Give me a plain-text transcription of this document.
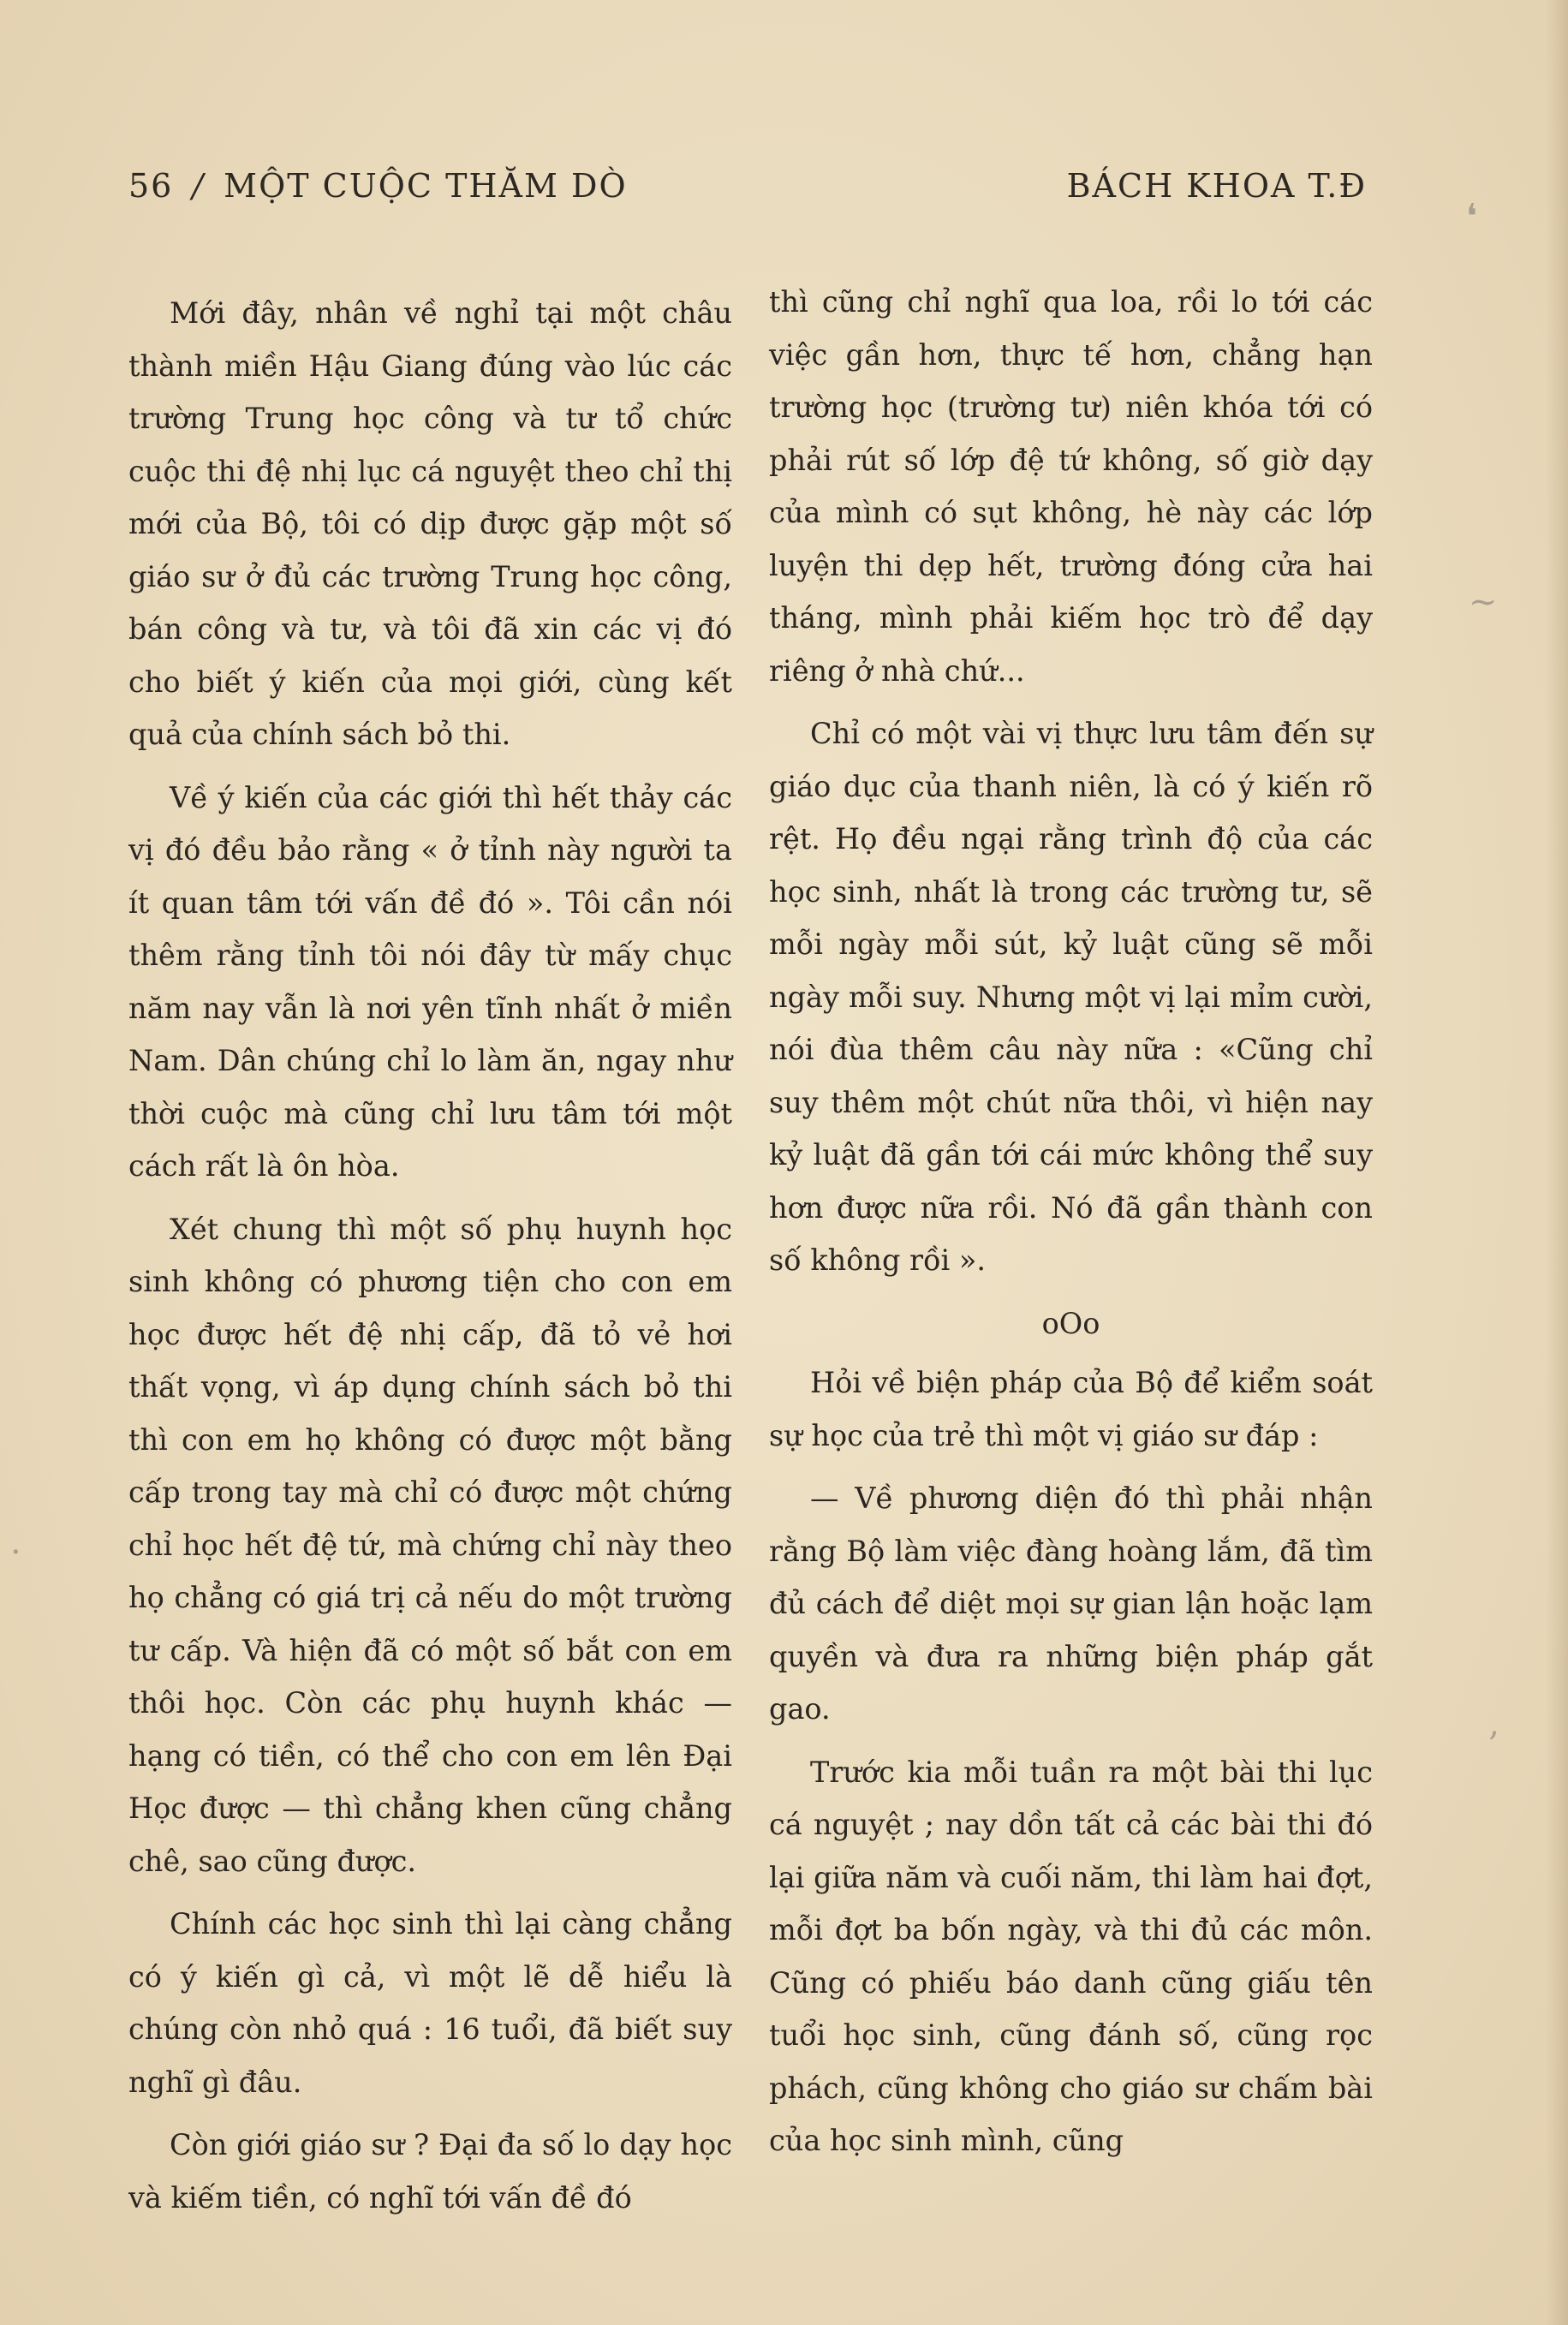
56 / MỘT CUỘC THĂM DÒ	BÁCH KHOA T.Đ

Mới đây, nhân về nghỉ tại một châu thành miền Hậu Giang đúng vào lúc các trường Trung học công và tư tổ chức cuộc thi đệ nhị lục cá nguyệt theo chỉ thị mới của Bộ, tôi có dịp được gặp một số giáo sư ở đủ các trường Trung học công, bán công và tư, và tôi đã xin các vị đó cho biết ý kiến của mọi giới, cùng kết quả của chính sách bỏ thi.

Về ý kiến của các giới thì hết thảy các vị đó đều bảo rằng « ở tỉnh này người ta ít quan tâm tới vấn đề đó ». Tôi cần nói thêm rằng tỉnh tôi nói đây từ mấy chục năm nay vẫn là nơi yên tĩnh nhất ở miền Nam. Dân chúng chỉ lo làm ăn, ngay như thời cuộc mà cũng chỉ lưu tâm tới một cách rất là ôn hòa.

Xét chung thì một số phụ huynh học sinh không có phương tiện cho con em học được hết đệ nhị cấp, đã tỏ vẻ hơi thất vọng, vì áp dụng chính sách bỏ thi thì con em họ không có được một bằng cấp trong tay mà chỉ có được một chứng chỉ học hết đệ tứ, mà chứng chỉ này theo họ chẳng có giá trị cả nếu do một trường tư cấp. Và hiện đã có một số bắt con em thôi học. Còn các phụ huynh khác — hạng có tiền, có thể cho con em lên Đại Học được — thì chẳng khen cũng chẳng chê, sao cũng được.

Chính các học sinh thì lại càng chẳng có ý kiến gì cả, vì một lẽ dễ hiểu là chúng còn nhỏ quá : 16 tuổi, đã biết suy nghĩ gì đâu.

Còn giới giáo sư ? Đại đa số lo dạy học và kiếm tiền, có nghĩ tới vấn đề đó

thì cũng chỉ nghĩ qua loa, rồi lo tới các việc gần hơn, thực tế hơn, chẳng hạn trường học (trường tư) niên khóa tới có phải rút số lớp đệ tứ không, số giờ dạy của mình có sụt không, hè này các lớp luyện thi dẹp hết, trường đóng cửa hai tháng, mình phải kiếm học trò để dạy riêng ở nhà chứ...

Chỉ có một vài vị thực lưu tâm đến sự giáo dục của thanh niên, là có ý kiến rõ rệt. Họ đều ngại rằng trình độ của các học sinh, nhất là trong các trường tư, sẽ mỗi ngày mỗi sút, kỷ luật cũng sẽ mỗi ngày mỗi suy. Nhưng một vị lại mỉm cười, nói đùa thêm câu này nữa : «Cũng chỉ suy thêm một chút nữa thôi, vì hiện nay kỷ luật đã gần tới cái mức không thể suy hơn được nữa rồi. Nó đã gần thành con số không rồi ».

oOo

Hỏi về biện pháp của Bộ để kiểm soát sự học của trẻ thì một vị giáo sư đáp :

— Về phương diện đó thì phải nhận rằng Bộ làm việc đàng hoàng lắm, đã tìm đủ cách để diệt mọi sự gian lận hoặc lạm quyền và đưa ra những biện pháp gắt gao.

Trước kia mỗi tuần ra một bài thi lục cá nguyệt ; nay dồn tất cả các bài thi đó lại giữa năm và cuối năm, thi làm hai đợt, mỗi đợt ba bốn ngày, và thi đủ các môn. Cũng có phiếu báo danh cũng giấu tên tuổi học sinh, cũng đánh số, cũng rọc phách, cũng không cho giáo sư chấm bài của học sinh mình, cũng

❛
~
‚
·
